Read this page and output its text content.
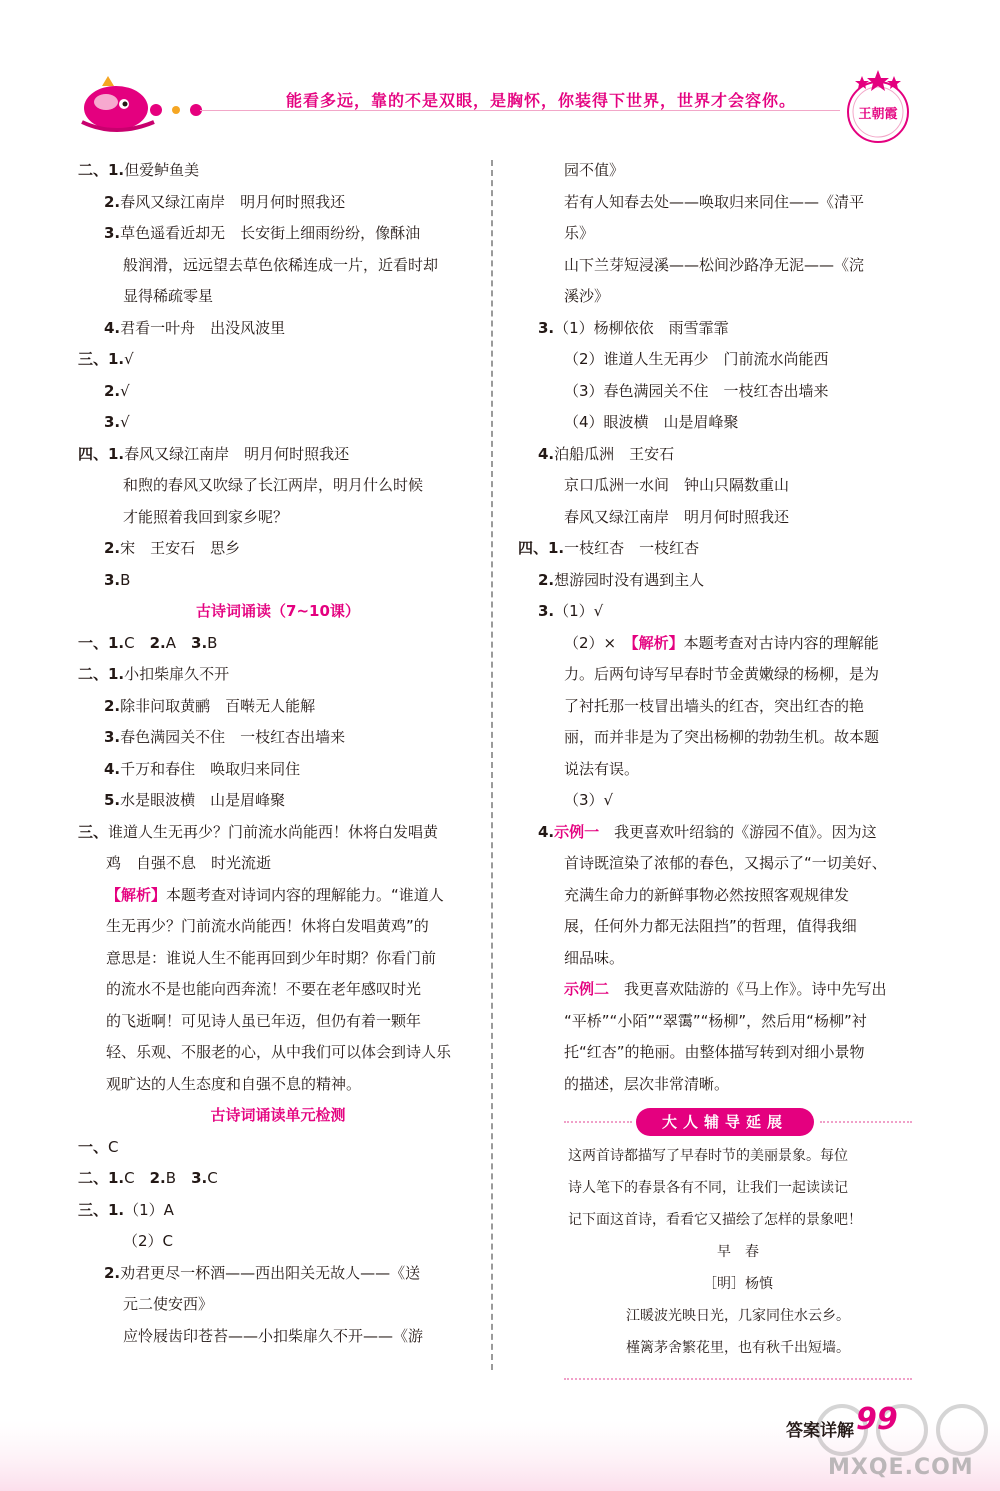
能看多远，靠的不是双眼，是胸怀，你装得下世界，世界才会容你。
王朝霞
二、1.但爱鲈鱼美
2.春风又绿江南岸　明月何时照我还
3.草色遥看近却无　长安街上细雨纷纷，像酥油
般润滑，远远望去草色依稀连成一片，近看时却
显得稀疏零星
4.君看一叶舟　出没风波里
三、1.√
2.√
3.√
四、1.春风又绿江南岸　明月何时照我还
和煦的春风又吹绿了长江两岸，明月什么时候
才能照着我回到家乡呢？
2.宋　王安石　思乡
3.B
古诗词诵读（7~10课）
一、1.C　2.A　3.B
二、1.小扣柴扉久不开
2.除非问取黄鹂　百啭无人能解
3.春色满园关不住　一枝红杏出墙来
4.千万和春住　唤取归来同住
5.水是眼波横　山是眉峰聚
三、谁道人生无再少？门前流水尚能西！休将白发唱黄
鸡　自强不息　时光流逝
【解析】本题考查对诗词内容的理解能力。“谁道人
生无再少？门前流水尚能西！休将白发唱黄鸡”的
意思是：谁说人生不能再回到少年时期？你看门前
的流水不是也能向西奔流！不要在老年感叹时光
的飞逝啊！可见诗人虽已年迈，但仍有着一颗年
轻、乐观、不服老的心，从中我们可以体会到诗人乐
观旷达的人生态度和自强不息的精神。
古诗词诵读单元检测
一、C
二、1.C　2.B　3.C
三、1.（1）A
（2）C
2.劝君更尽一杯酒——西出阳关无故人——《送
元二使安西》
应怜屐齿印苍苔——小扣柴扉久不开——《游
园不值》
若有人知春去处——唤取归来同住——《清平
乐》
山下兰芽短浸溪——松间沙路净无泥——《浣
溪沙》
3.（1）杨柳依依　雨雪霏霏
（2）谁道人生无再少　门前流水尚能西
（3）春色满园关不住　一枝红杏出墙来
（4）眼波横　山是眉峰聚
4.泊船瓜洲　王安石
京口瓜洲一水间　钟山只隔数重山
春风又绿江南岸　明月何时照我还
四、1.一枝红杏　一枝红杏
2.想游园时没有遇到主人
3.（1）√
（2）×　【解析】本题考查对古诗内容的理解能
力。后两句诗写早春时节金黄嫩绿的杨柳，是为
了衬托那一枝冒出墙头的红杏，突出红杏的艳
丽，而并非是为了突出杨柳的勃勃生机。故本题
说法有误。
（3）√
4.示例一　 我更喜欢叶绍翁的《游园不值》。因为这
首诗既渲染了浓郁的春色，又揭示了“一切美好、
充满生命力的新鲜事物必然按照客观规律发
展，任何外力都无法阻挡”的哲理，值得我细
细品味。
示例二　 我更喜欢陆游的《马上作》。诗中先写出
“平桥”“小陌”“翠霭”“杨柳”，然后用“杨柳”衬
托“红杏”的艳丽。由整体描写转到对细小景物
的描述，层次非常清晰。
大人辅导延展
这两首诗都描写了早春时节的美丽景象。每位
诗人笔下的春景各有不同，让我们一起读读记
记下面这首诗，看看它又描绘了怎样的景象吧！
早　春
［明］杨慎
江暖波光映日光，几家同住水云乡。
槿篱茅舍繁花里，也有秋千出短墙。
答案详解 99
MXQE.COM
